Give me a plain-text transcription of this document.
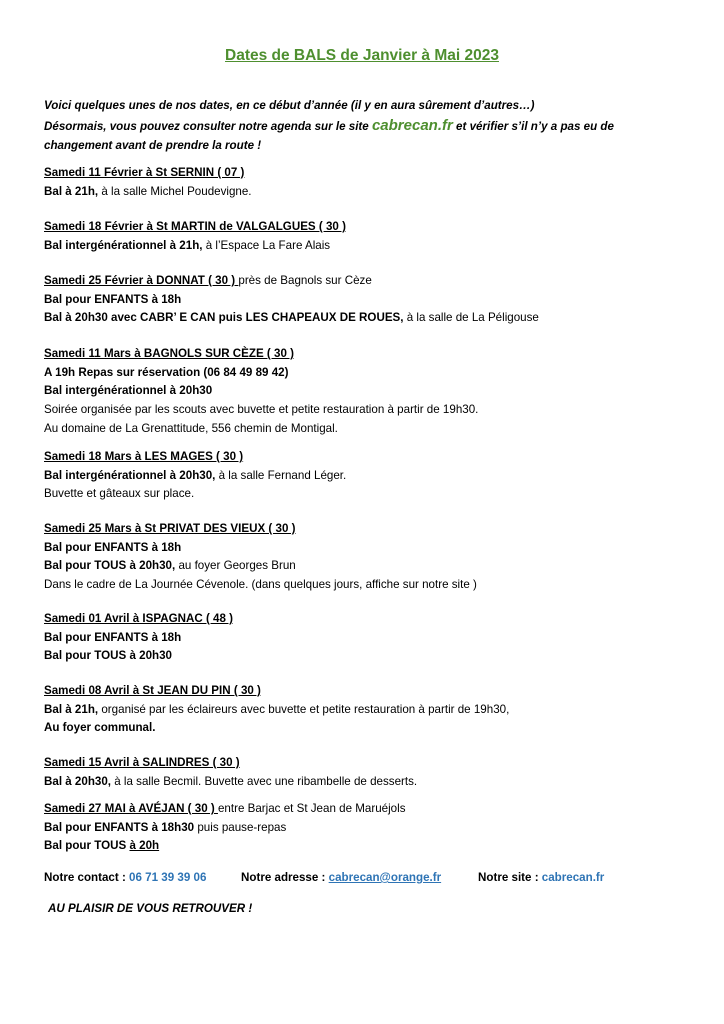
Dates de BALS de Janvier à Mai 2023
Voici quelques unes de nos dates, en ce début d’année (il y en aura sûrement d’autres…)
Désormais, vous pouvez consulter notre agenda sur le site cabrecan.fr et vérifier s’il n’y a pas eu de
changement avant de prendre la route !
Samedi 11 Février à St SERNIN ( 07 )
Bal à 21h, à la salle Michel Poudevigne.
Samedi 18 Février à St MARTIN de VALGALGUES ( 30 )
Bal intergénérationnel à 21h, à l’Espace La Fare Alais
Samedi 25 Février à DONNAT ( 30 ) près de Bagnols sur Cèze
Bal pour ENFANTS à 18h
Bal à 20h30 avec CABR’ E CAN puis LES CHAPEAUX DE ROUES, à la salle de La Péligouse
Samedi 11 Mars à BAGNOLS SUR CÈZE ( 30 )
A 19h Repas sur réservation (06 84 49 89 42)
Bal intergénérationnel à 20h30
Soirée organisée par les scouts avec buvette et petite restauration à partir de 19h30.
Au domaine de La Grenattitude, 556 chemin de Montigal.
Samedi 18 Mars à LES MAGES ( 30 )
Bal intergénérationnel à 20h30, à la salle Fernand Léger.
Buvette et gâteaux sur place.
Samedi 25 Mars à St PRIVAT DES VIEUX ( 30 )
Bal pour ENFANTS à 18h
Bal pour TOUS à 20h30, au foyer Georges Brun
Dans le cadre de La Journée Cévenole. (dans quelques jours, affiche sur notre site )
Samedi 01 Avril à ISPAGNAC ( 48 )
Bal pour ENFANTS à 18h
Bal pour TOUS à 20h30
Samedi 08 Avril à St JEAN DU PIN ( 30 )
Bal à 21h, organisé par les éclaireurs avec buvette et petite restauration à partir de 19h30,
Au foyer communal.
Samedi 15 Avril à SALINDRES ( 30 )
Bal à 20h30, à la salle Becmil. Buvette avec une ribambelle de desserts.
Samedi 27 MAI à AVÉJAN ( 30 ) entre Barjac et St Jean de Maruéjols
Bal pour ENFANTS à 18h30 puis pause-repas
Bal pour TOUS à 20h
Notre contact : 06 71 39 39 06	Notre adresse : cabrecan@orange.fr	Notre site : cabrecan.fr
AU PLAISIR DE VOUS RETROUVER !
